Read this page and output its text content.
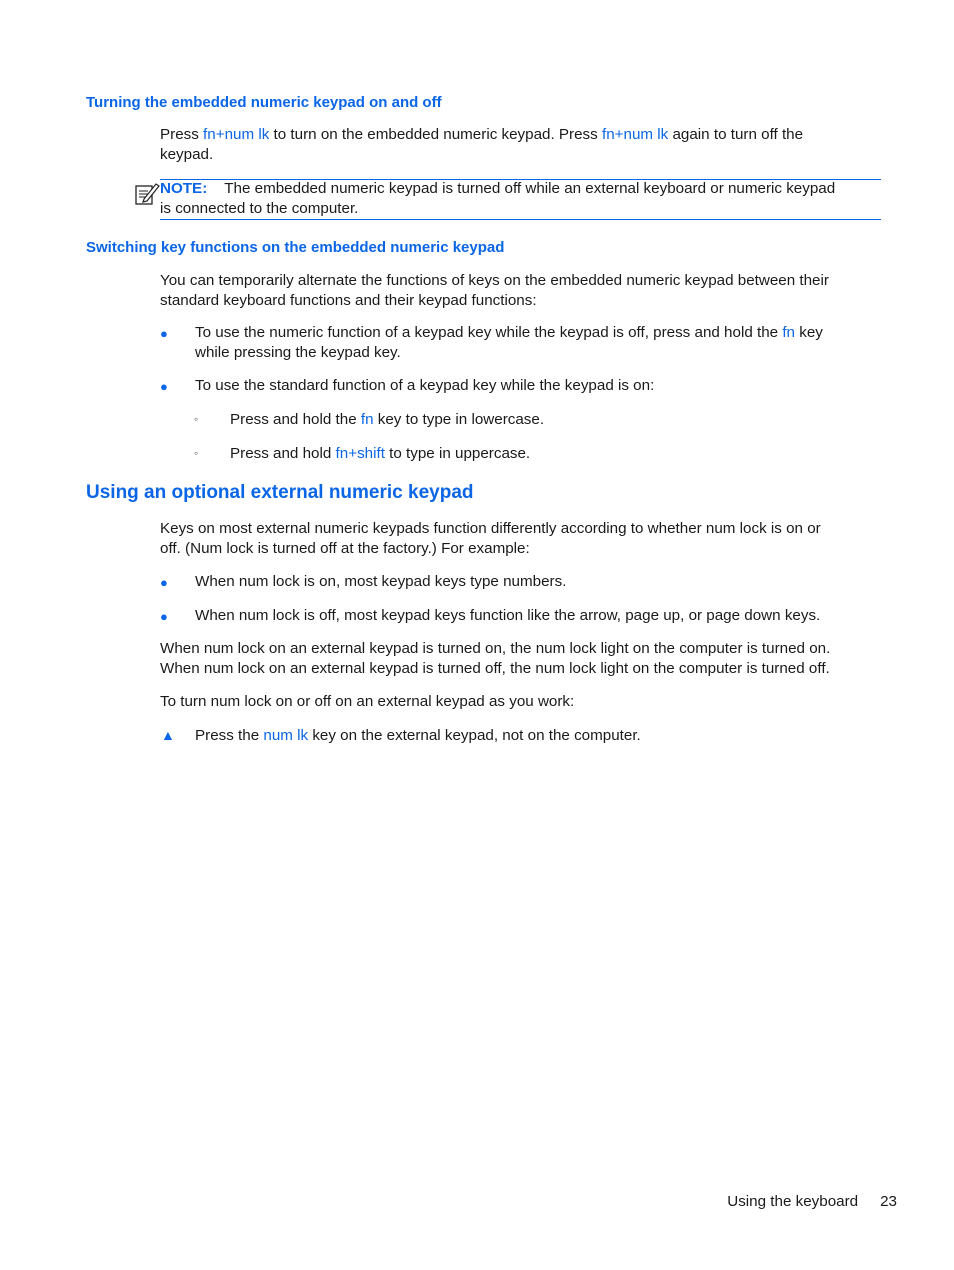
Turning the embedded numeric keypad on and off
Press fn+num lk to turn on the embedded numeric keypad. Press fn+num lk again to turn off the
keypad.
NOTE: The embedded numeric keypad is turned off while an external keyboard or numeric keypad
is connected to the computer.
Switching key functions on the embedded numeric keypad
You can temporarily alternate the functions of keys on the embedded numeric keypad between their
standard keyboard functions and their keypad functions:
● To use the numeric function of a keypad key while the keypad is off, press and hold the fn key
while pressing the keypad key.
● To use the standard function of a keypad key while the keypad is on:
◦ Press and hold the fn key to type in lowercase.
◦ Press and hold fn+shift to type in uppercase.
Using an optional external numeric keypad
Keys on most external numeric keypads function differently according to whether num lock is on or
off. (Num lock is turned off at the factory.) For example:
● When num lock is on, most keypad keys type numbers.
● When num lock is off, most keypad keys function like the arrow, page up, or page down keys.
When num lock on an external keypad is turned on, the num lock light on the computer is turned on.
When num lock on an external keypad is turned off, the num lock light on the computer is turned off.
To turn num lock on or off on an external keypad as you work:
▲ Press the num lk key on the external keypad, not on the computer.
Using the keyboard 23
